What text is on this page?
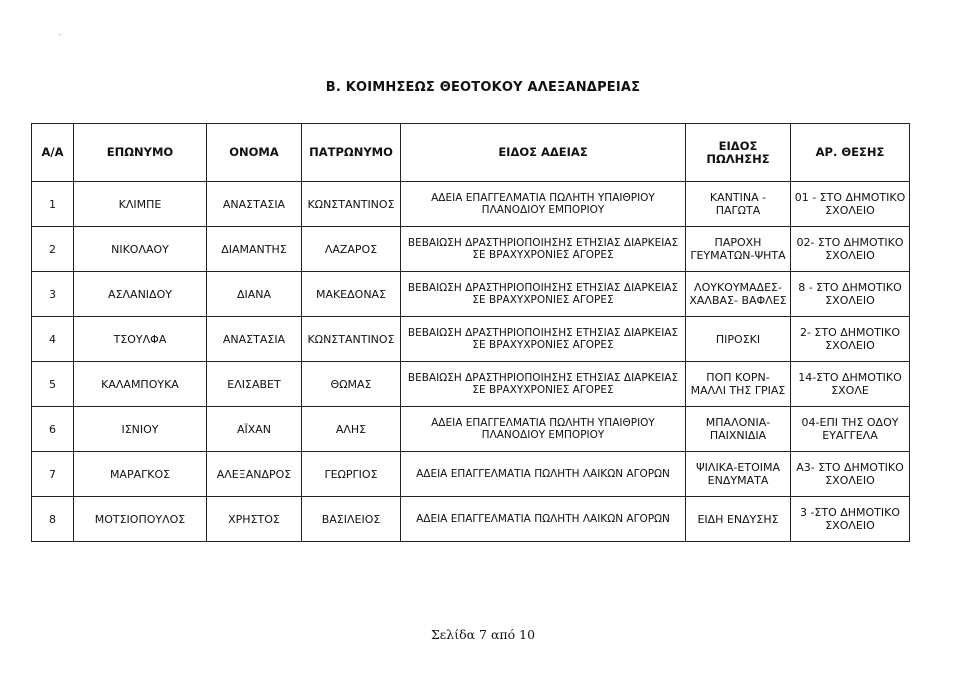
-
Β. ΚΟΙΜΗΣΕΩΣ ΘΕΟΤΟΚΟΥ ΑΛΕΞΑΝΔΡΕΙΑΣ
Α/Α	ΕΠΩΝΥΜΟ	ΟΝΟΜΑ	ΠΑΤΡΩΝΥΜΟ	ΕΙΔΟΣ ΑΔΕΙΑΣ	ΕΙΔΟΣ ΠΩΛΗΣΗΣ	ΑΡ. ΘΕΣΗΣ
1	ΚΛΙΜΠΕ	ΑΝΑΣΤΑΣΙΑ	ΚΩΝΣΤΑΝΤΙΝΟΣ	ΑΔΕΙΑ ΕΠΑΓΓΕΛΜΑΤΙΑ ΠΩΛΗΤΗ ΥΠΑΙΘΡΙΟΥ ΠΛΑΝΟΔΙΟΥ ΕΜΠΟΡΙΟΥ	ΚΑΝΤΙΝΑ - ΠΑΓΩΤΑ	01 - ΣΤΟ ΔΗΜΟΤΙΚΟ ΣΧΟΛΕΙΟ
2	ΝΙΚΟΛΑΟΥ	ΔΙΑΜΑΝΤΗΣ	ΛΑΖΑΡΟΣ	ΒΕΒΑΙΩΣΗ ΔΡΑΣΤΗΡΙΟΠΟΙΗΣΗΣ ΕΤΗΣΙΑΣ ΔΙΑΡΚΕΙΑΣ ΣΕ ΒΡΑΧΥΧΡΟΝΙΕΣ ΑΓΟΡΕΣ	ΠΑΡΟΧΗ ΓΕΥΜΑΤΩΝ-ΨΗΤΑ	02- ΣΤΟ ΔΗΜΟΤΙΚΟ ΣΧΟΛΕΙΟ
3	ΑΣΛΑΝΙΔΟΥ	ΔΙΑΝΑ	ΜΑΚΕΔΟΝΑΣ	ΒΕΒΑΙΩΣΗ ΔΡΑΣΤΗΡΙΟΠΟΙΗΣΗΣ ΕΤΗΣΙΑΣ ΔΙΑΡΚΕΙΑΣ ΣΕ ΒΡΑΧΥΧΡΟΝΙΕΣ ΑΓΟΡΕΣ	ΛΟΥΚΟΥΜΑΔΕΣ-ΧΑΛΒΑΣ- ΒΑΦΛΕΣ	8 - ΣΤΟ ΔΗΜΟΤΙΚΟ ΣΧΟΛΕΙΟ
4	ΤΣΟΥΛΦΑ	ΑΝΑΣΤΑΣΙΑ	ΚΩΝΣΤΑΝΤΙΝΟΣ	ΒΕΒΑΙΩΣΗ ΔΡΑΣΤΗΡΙΟΠΟΙΗΣΗΣ ΕΤΗΣΙΑΣ ΔΙΑΡΚΕΙΑΣ ΣΕ ΒΡΑΧΥΧΡΟΝΙΕΣ ΑΓΟΡΕΣ	ΠΙΡΟΣΚΙ	2- ΣΤΟ ΔΗΜΟΤΙΚΟ ΣΧΟΛΕΙΟ
5	ΚΑΛΑΜΠΟΥΚΑ	ΕΛΙΣΑΒΕΤ	ΘΩΜΑΣ	ΒΕΒΑΙΩΣΗ ΔΡΑΣΤΗΡΙΟΠΟΙΗΣΗΣ ΕΤΗΣΙΑΣ ΔΙΑΡΚΕΙΑΣ ΣΕ ΒΡΑΧΥΧΡΟΝΙΕΣ ΑΓΟΡΕΣ	ΠΟΠ ΚΟΡΝ- ΜΑΛΛΙ ΤΗΣ ΓΡΙΑΣ	14-ΣΤΟ ΔΗΜΟΤΙΚΟ ΣΧΟΛΕ
6	ΙΣΝΙΟΥ	ΑΪΧΑΝ	ΑΛΗΣ	ΑΔΕΙΑ ΕΠΑΓΓΕΛΜΑΤΙΑ ΠΩΛΗΤΗ ΥΠΑΙΘΡΙΟΥ ΠΛΑΝΟΔΙΟΥ ΕΜΠΟΡΙΟΥ	ΜΠΑΛΟΝΙΑ-ΠΑΙΧΝΙΔΙΑ	04-ΕΠΙ ΤΗΣ ΟΔΟΥ ΕΥΑΓΓΕΛΑ
7	ΜΑΡΑΓΚΟΣ	ΑΛΕΞΑΝΔΡΟΣ	ΓΕΩΡΓΙΟΣ	ΑΔΕΙΑ ΕΠΑΓΓΕΛΜΑΤΙΑ ΠΩΛΗΤΗ ΛΑΙΚΩΝ ΑΓΟΡΩΝ	ΨΙΛΙΚΑ-ΕΤΟΙΜΑ ΕΝΔΥΜΑΤΑ	Α3- ΣΤΟ ΔΗΜΟΤΙΚΟ ΣΧΟΛΕΙΟ
8	ΜΟΤΣΙΟΠΟΥΛΟΣ	ΧΡΗΣΤΟΣ	ΒΑΣΙΛΕΙΟΣ	ΑΔΕΙΑ ΕΠΑΓΓΕΛΜΑΤΙΑ ΠΩΛΗΤΗ ΛΑΙΚΩΝ ΑΓΟΡΩΝ	ΕΙΔΗ ΕΝΔΥΣΗΣ	3 -ΣΤΟ ΔΗΜΟΤΙΚΟ ΣΧΟΛΕΙΟ
Σελίδα 7 από 10
